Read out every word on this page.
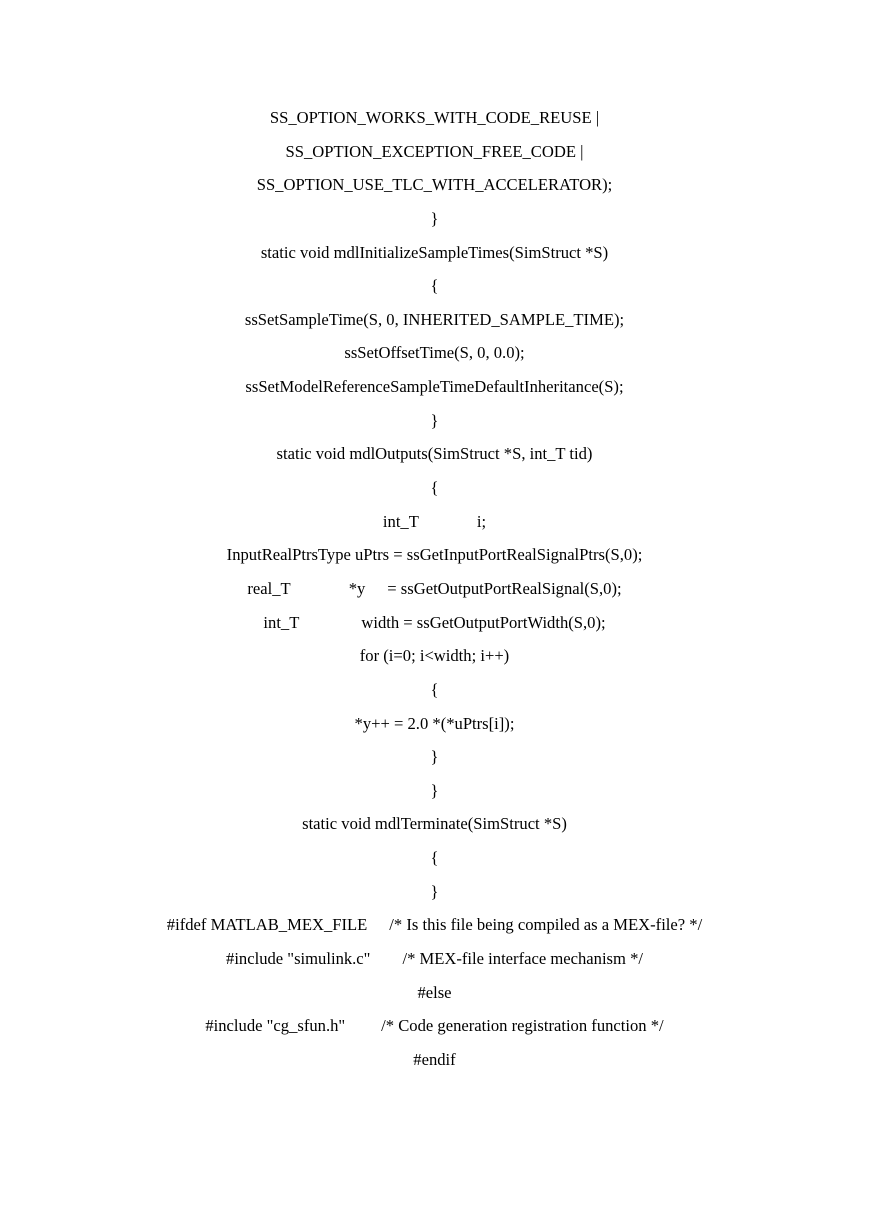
SS_OPTION_WORKS_WITH_CODE_REUSE |
SS_OPTION_EXCEPTION_FREE_CODE |
SS_OPTION_USE_TLC_WITH_ACCELERATOR);
}
static void mdlInitializeSampleTimes(SimStruct *S)
{
ssSetSampleTime(S, 0, INHERITED_SAMPLE_TIME);
ssSetOffsetTime(S, 0, 0.0);
ssSetModelReferenceSampleTimeDefaultInheritance(S);
}
static void mdlOutputs(SimStruct *S, int_T tid)
{
int_T	i;
InputRealPtrsType uPtrs = ssGetInputPortRealSignalPtrs(S,0);
real_T	*y = ssGetOutputPortRealSignal(S,0);
int_T	width = ssGetOutputPortWidth(S,0);
for (i=0; i<width; i++)
{
*y++ = 2.0 *(*uPtrs[i]);
}
}
static void mdlTerminate(SimStruct *S)
{
}
#ifdef MATLAB_MEX_FILE /* Is this file being compiled as a MEX-file? */
#include "simulink.c" /* MEX-file interface mechanism */
#else
#include "cg_sfun.h" /* Code generation registration function */
#endif
